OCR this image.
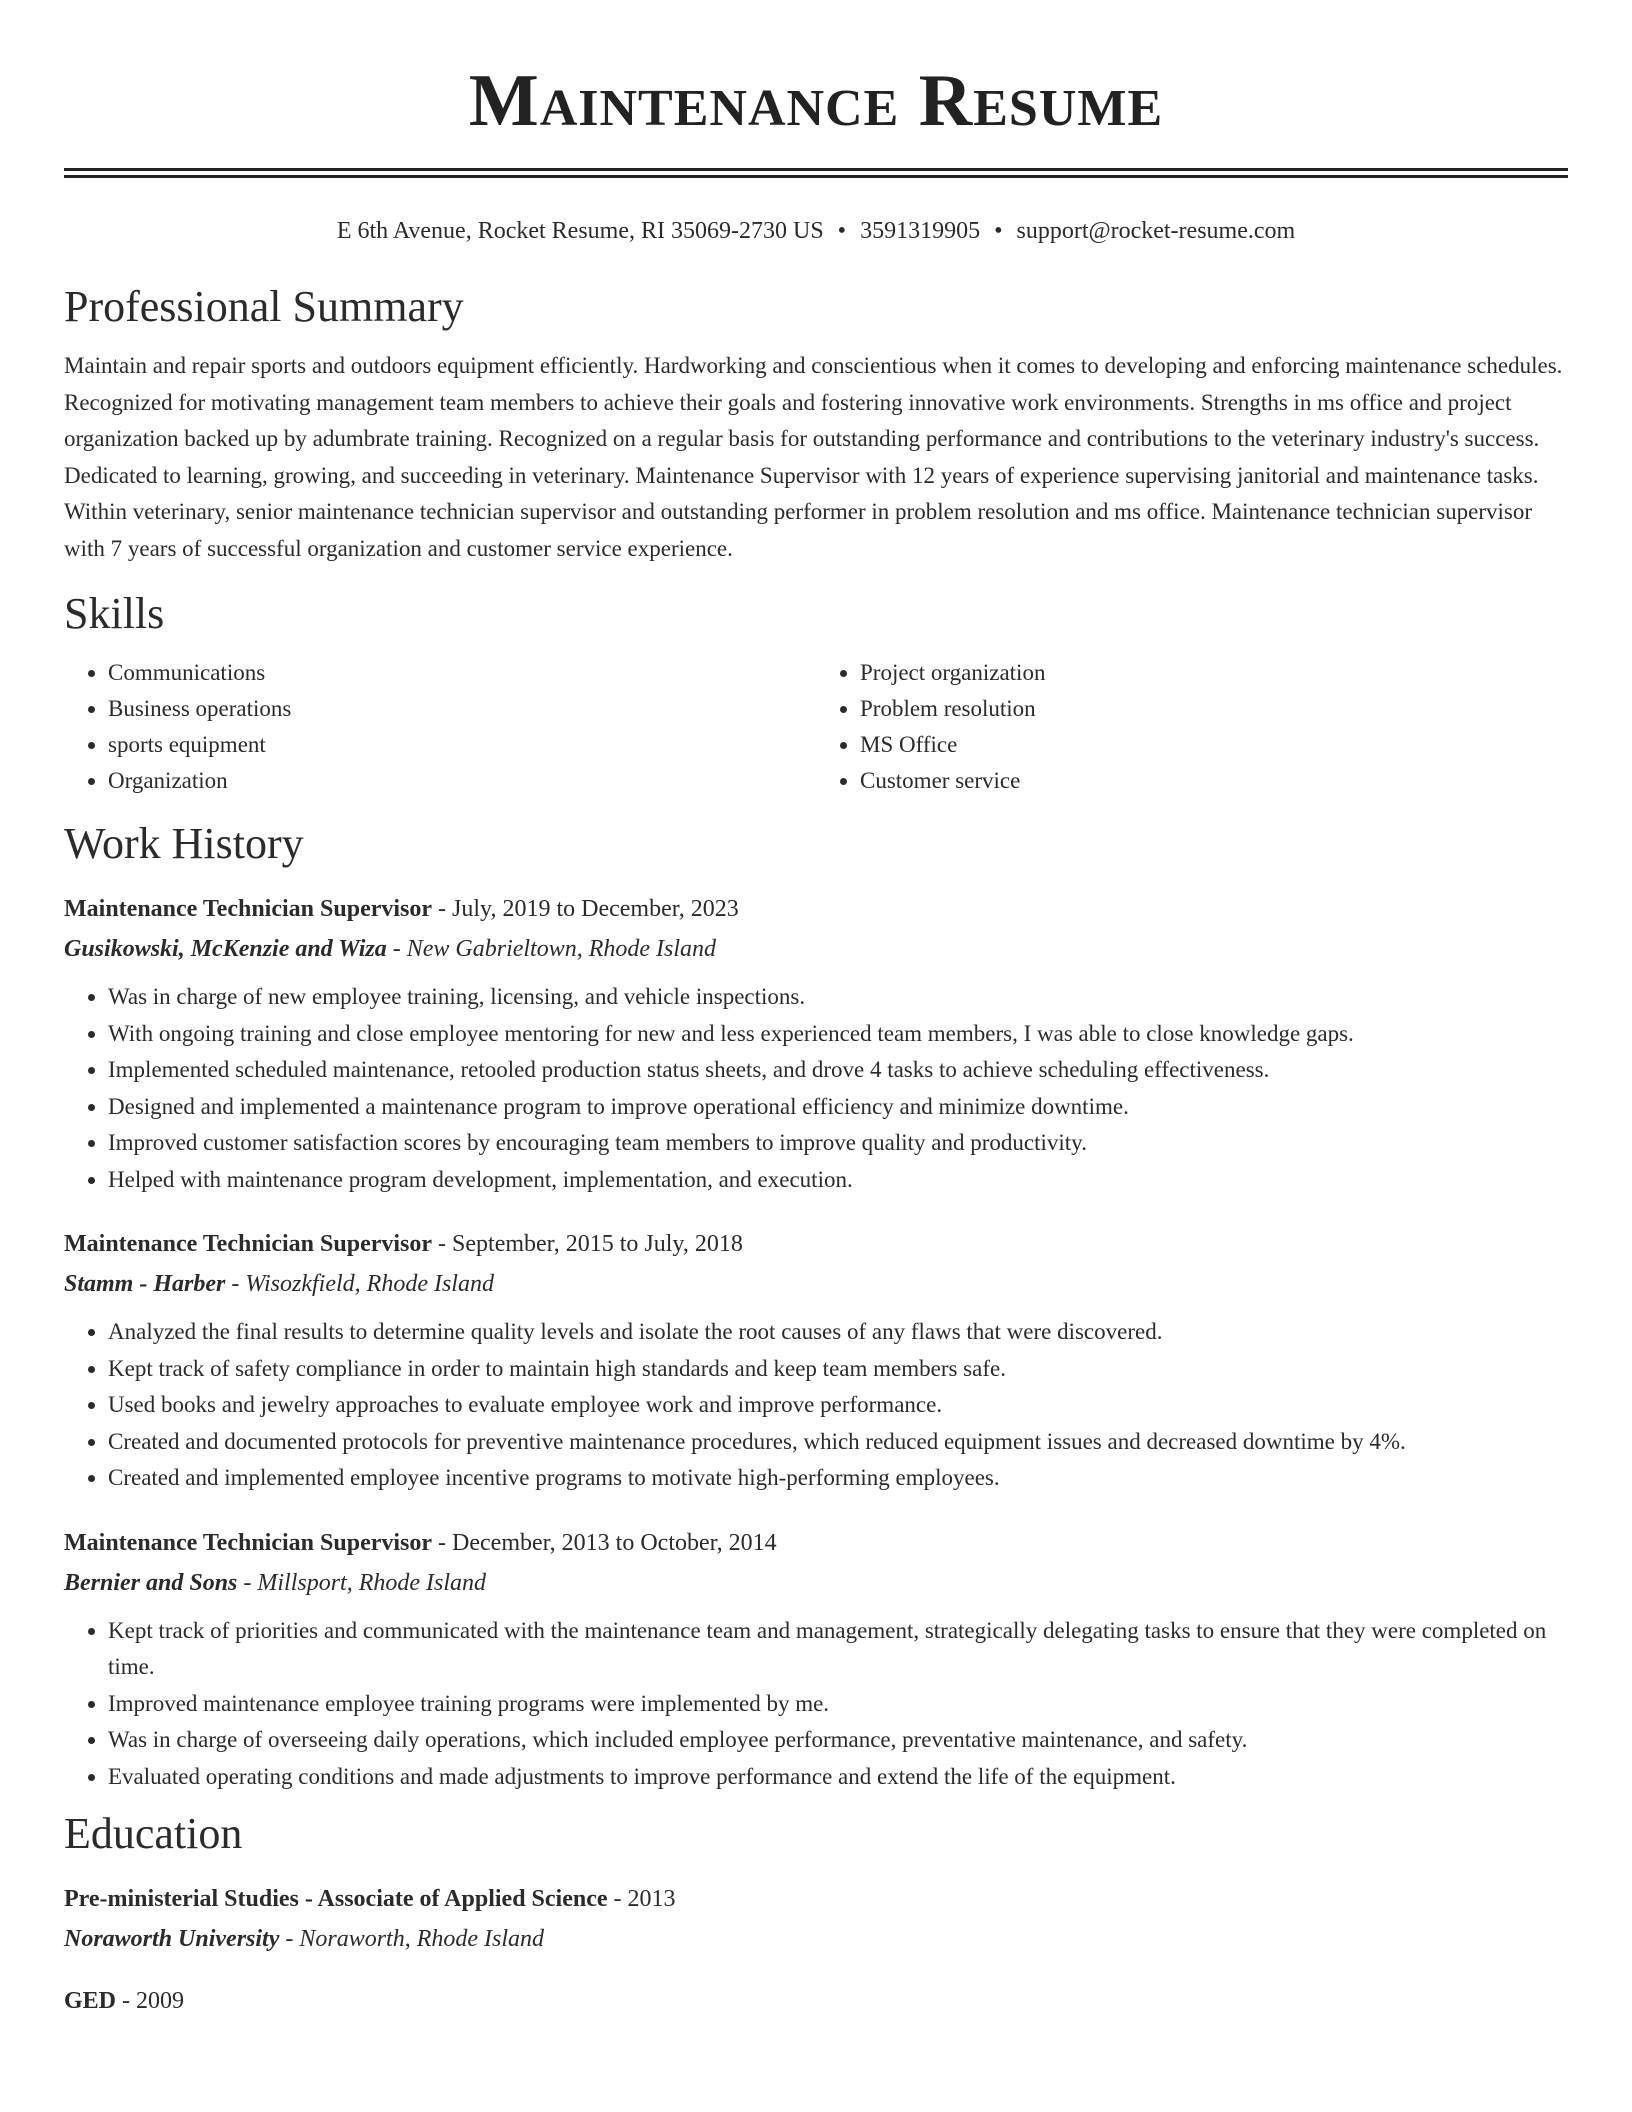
Maintenance Resume
E 6th Avenue, Rocket Resume, RI 35069-2730 US • 3591319905 • support@rocket-resume.com
Professional Summary
Maintain and repair sports and outdoors equipment efficiently. Hardworking and conscientious when it comes to developing and enforcing maintenance schedules. Recognized for motivating management team members to achieve their goals and fostering innovative work environments. Strengths in ms office and project organization backed up by adumbrate training. Recognized on a regular basis for outstanding performance and contributions to the veterinary industry's success. Dedicated to learning, growing, and succeeding in veterinary. Maintenance Supervisor with 12 years of experience supervising janitorial and maintenance tasks. Within veterinary, senior maintenance technician supervisor and outstanding performer in problem resolution and ms office. Maintenance technician supervisor with 7 years of successful organization and customer service experience.
Skills
• Communications
• Business operations
• sports equipment
• Organization
• Project organization
• Problem resolution
• MS Office
• Customer service
Work History
Maintenance Technician Supervisor - July, 2019 to December, 2023
Gusikowski, McKenzie and Wiza - New Gabrieltown, Rhode Island
• Was in charge of new employee training, licensing, and vehicle inspections.
• With ongoing training and close employee mentoring for new and less experienced team members, I was able to close knowledge gaps.
• Implemented scheduled maintenance, retooled production status sheets, and drove 4 tasks to achieve scheduling effectiveness.
• Designed and implemented a maintenance program to improve operational efficiency and minimize downtime.
• Improved customer satisfaction scores by encouraging team members to improve quality and productivity.
• Helped with maintenance program development, implementation, and execution.
Maintenance Technician Supervisor - September, 2015 to July, 2018
Stamm - Harber - Wisozkfield, Rhode Island
• Analyzed the final results to determine quality levels and isolate the root causes of any flaws that were discovered.
• Kept track of safety compliance in order to maintain high standards and keep team members safe.
• Used books and jewelry approaches to evaluate employee work and improve performance.
• Created and documented protocols for preventive maintenance procedures, which reduced equipment issues and decreased downtime by 4%.
• Created and implemented employee incentive programs to motivate high-performing employees.
Maintenance Technician Supervisor - December, 2013 to October, 2014
Bernier and Sons - Millsport, Rhode Island
• Kept track of priorities and communicated with the maintenance team and management, strategically delegating tasks to ensure that they were completed on time.
• Improved maintenance employee training programs were implemented by me.
• Was in charge of overseeing daily operations, which included employee performance, preventative maintenance, and safety.
• Evaluated operating conditions and made adjustments to improve performance and extend the life of the equipment.
Education
Pre-ministerial Studies - Associate of Applied Science - 2013
Noraworth University - Noraworth, Rhode Island
GED - 2009
